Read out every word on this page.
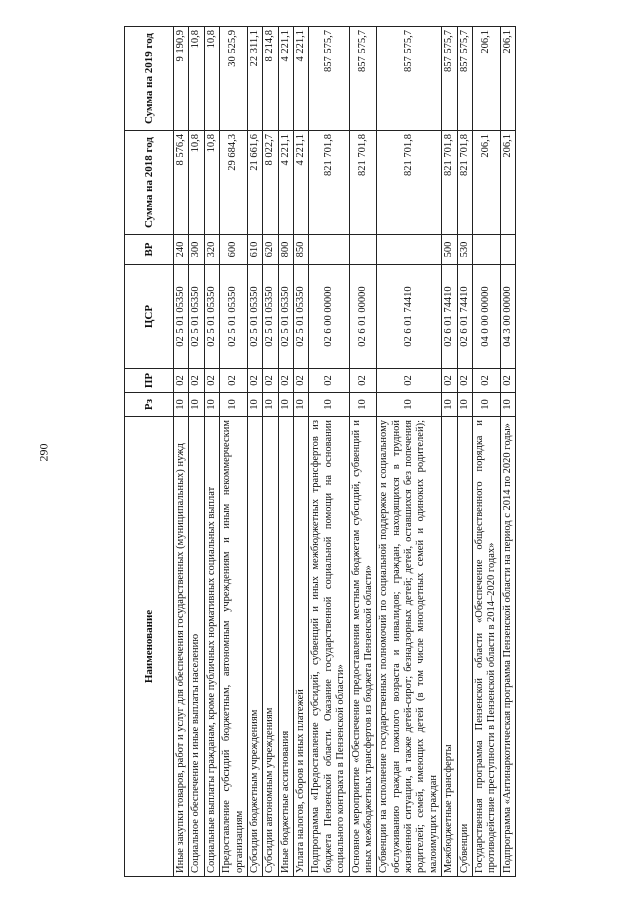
290
Наименование	Рз	ПР	ЦСР	ВР	Сумма на 2018 год	Сумма на 2019 год
Иные закупки товаров, работ и услуг для обеспечения государственных (муниципальных) нужд	10	02	02 5 01 05350	240	8 576,4	9 190,9
Социальное обеспечение и иные выплаты населению	10	02	02 5 01 05350	300	10,8	10,8
Социальные выплаты гражданам, кроме публичных нормативных социальных выплат	10	02	02 5 01 05350	320	10,8	10,8
Предоставление субсидий бюджетным, автономным учреждениям и иным некоммерческим организациям	10	02	02 5 01 05350	600	29 684,3	30 525,9
Субсидии бюджетным учреждениям	10	02	02 5 01 05350	610	21 661,6	22 311,1
Субсидии автономным учреждениям	10	02	02 5 01 05350	620	8 022,7	8 214,8
Иные бюджетные ассигнования	10	02	02 5 01 05350	800	4 221,1	4 221,1
Уплата налогов, сборов и иных платежей	10	02	02 5 01 05350	850	4 221,1	4 221,1
Подпрограмма «Предоставление субсидий, субвенций и иных межбюджетных трансфертов из бюджета Пензенской области. Оказание государственной социальной помощи на основании социального контракта в Пензенской области»	10	02	02 6 00 00000		821 701,8	857 575,7
Основное мероприятие «Обеспечение предоставления местным бюджетам субсидий, субвенций и иных межбюджетных трансфертов из бюджета Пензенской области»	10	02	02 6 01 00000		821 701,8	857 575,7
Субвенции на исполнение государственных полномочий по социальной поддержке и социальному обслуживанию граждан пожилого возраста и инвалидов; граждан, находящихся в трудной жизненной ситуации, а также детей-сирот; безнадзорных детей; детей, оставшихся без попечения родителей; семей, имеющих детей (в том числе многодетных семей и одиноких родителей); малоимущих граждан	10	02	02 6 01 74410		821 701,8	857 575,7
Межбюджетные трансферты	10	02	02 6 01 74410	500	821 701,8	857 575,7
Субвенции	10	02	02 6 01 74410	530	821 701,8	857 575,7
Государственная программа Пензенской области «Обеспечение общественного порядка и противодействие преступности в Пензенской области в 2014–2020 годах»	10	02	04 0 00 00000		206,1	206,1
Подпрограмма «Антинаркотическая программа Пензенской области на период с 2014 по 2020 годы»	10	02	04 3 00 00000		206,1	206,1
